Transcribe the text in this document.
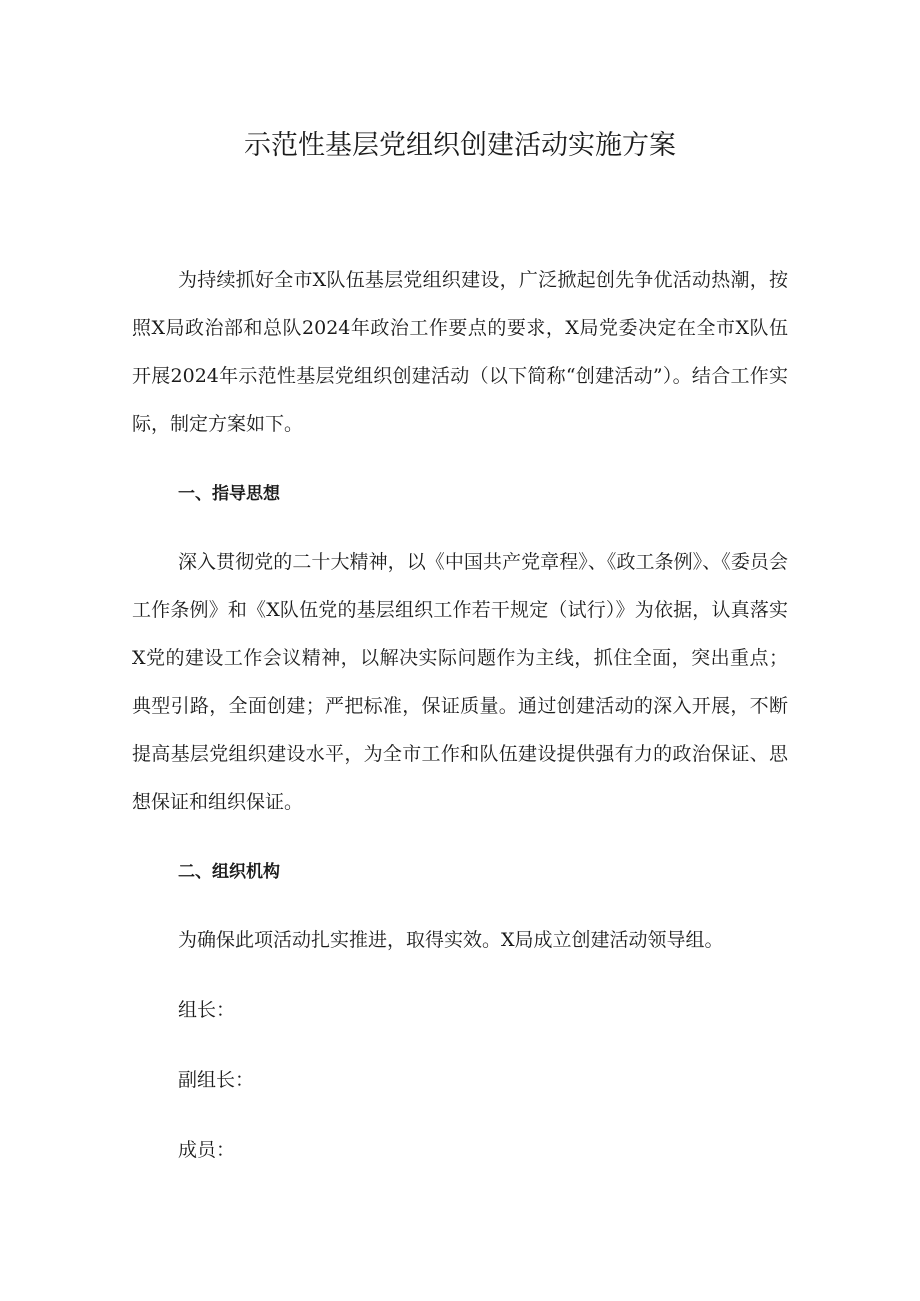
示范性基层党组织创建活动实施方案

为持续抓好全市X队伍基层党组织建设，广泛掀起创先争优活动热潮，按照X局政治部和总队2024年政治工作要点的要求，X局党委决定在全市X队伍开展2024年示范性基层党组织创建活动（以下简称“创建活动”）。结合工作实际，制定方案如下。

一、指导思想

深入贯彻党的二十大精神，以《中国共产党章程》、《政工条例》、《委员会工作条例》和《X队伍党的基层组织工作若干规定（试行）》为依据，认真落实X党的建设工作会议精神，以解决实际问题作为主线，抓住全面，突出重点；典型引路，全面创建；严把标准，保证质量。通过创建活动的深入开展，不断提高基层党组织建设水平，为全市工作和队伍建设提供强有力的政治保证、思想保证和组织保证。

二、组织机构

为确保此项活动扎实推进，取得实效。X局成立创建活动领导组。

组长：

副组长：

成员：
